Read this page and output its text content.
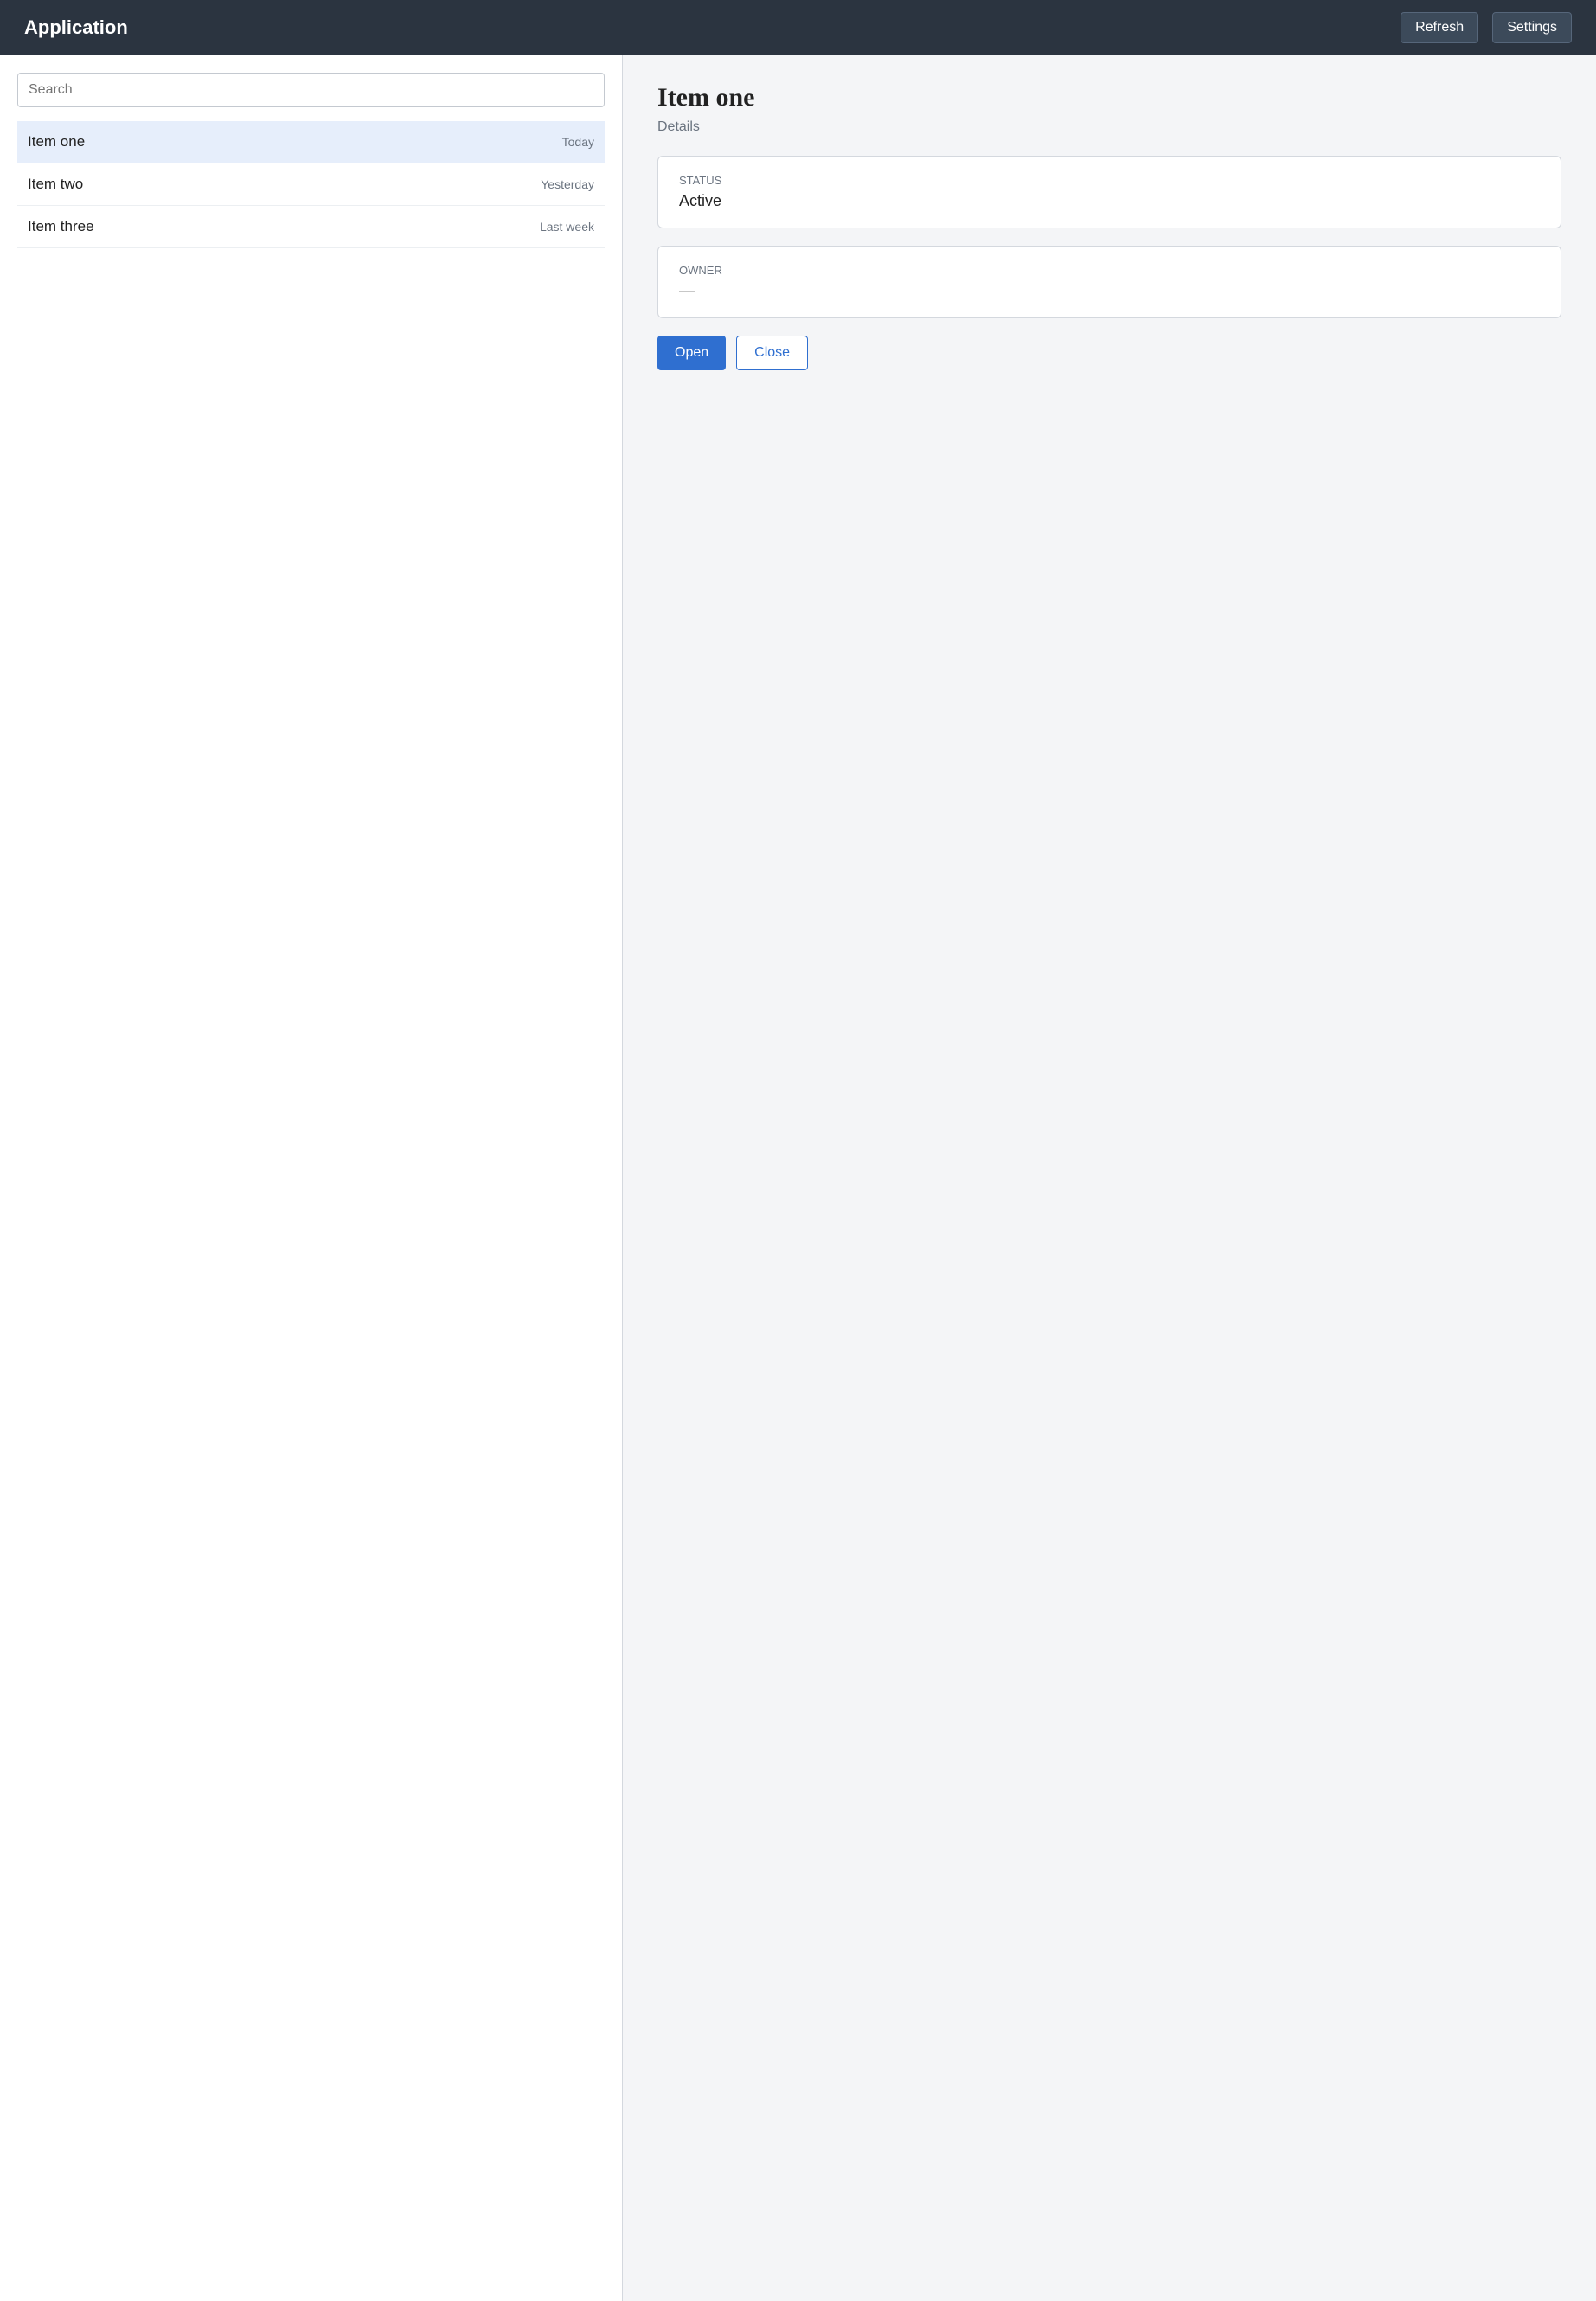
Application	Refresh	Settings
Search
Item one	Today
Item two	Yesterday
Item three	Last week
Item one
Details
STATUS
Active
OWNER
—
Open	Close
